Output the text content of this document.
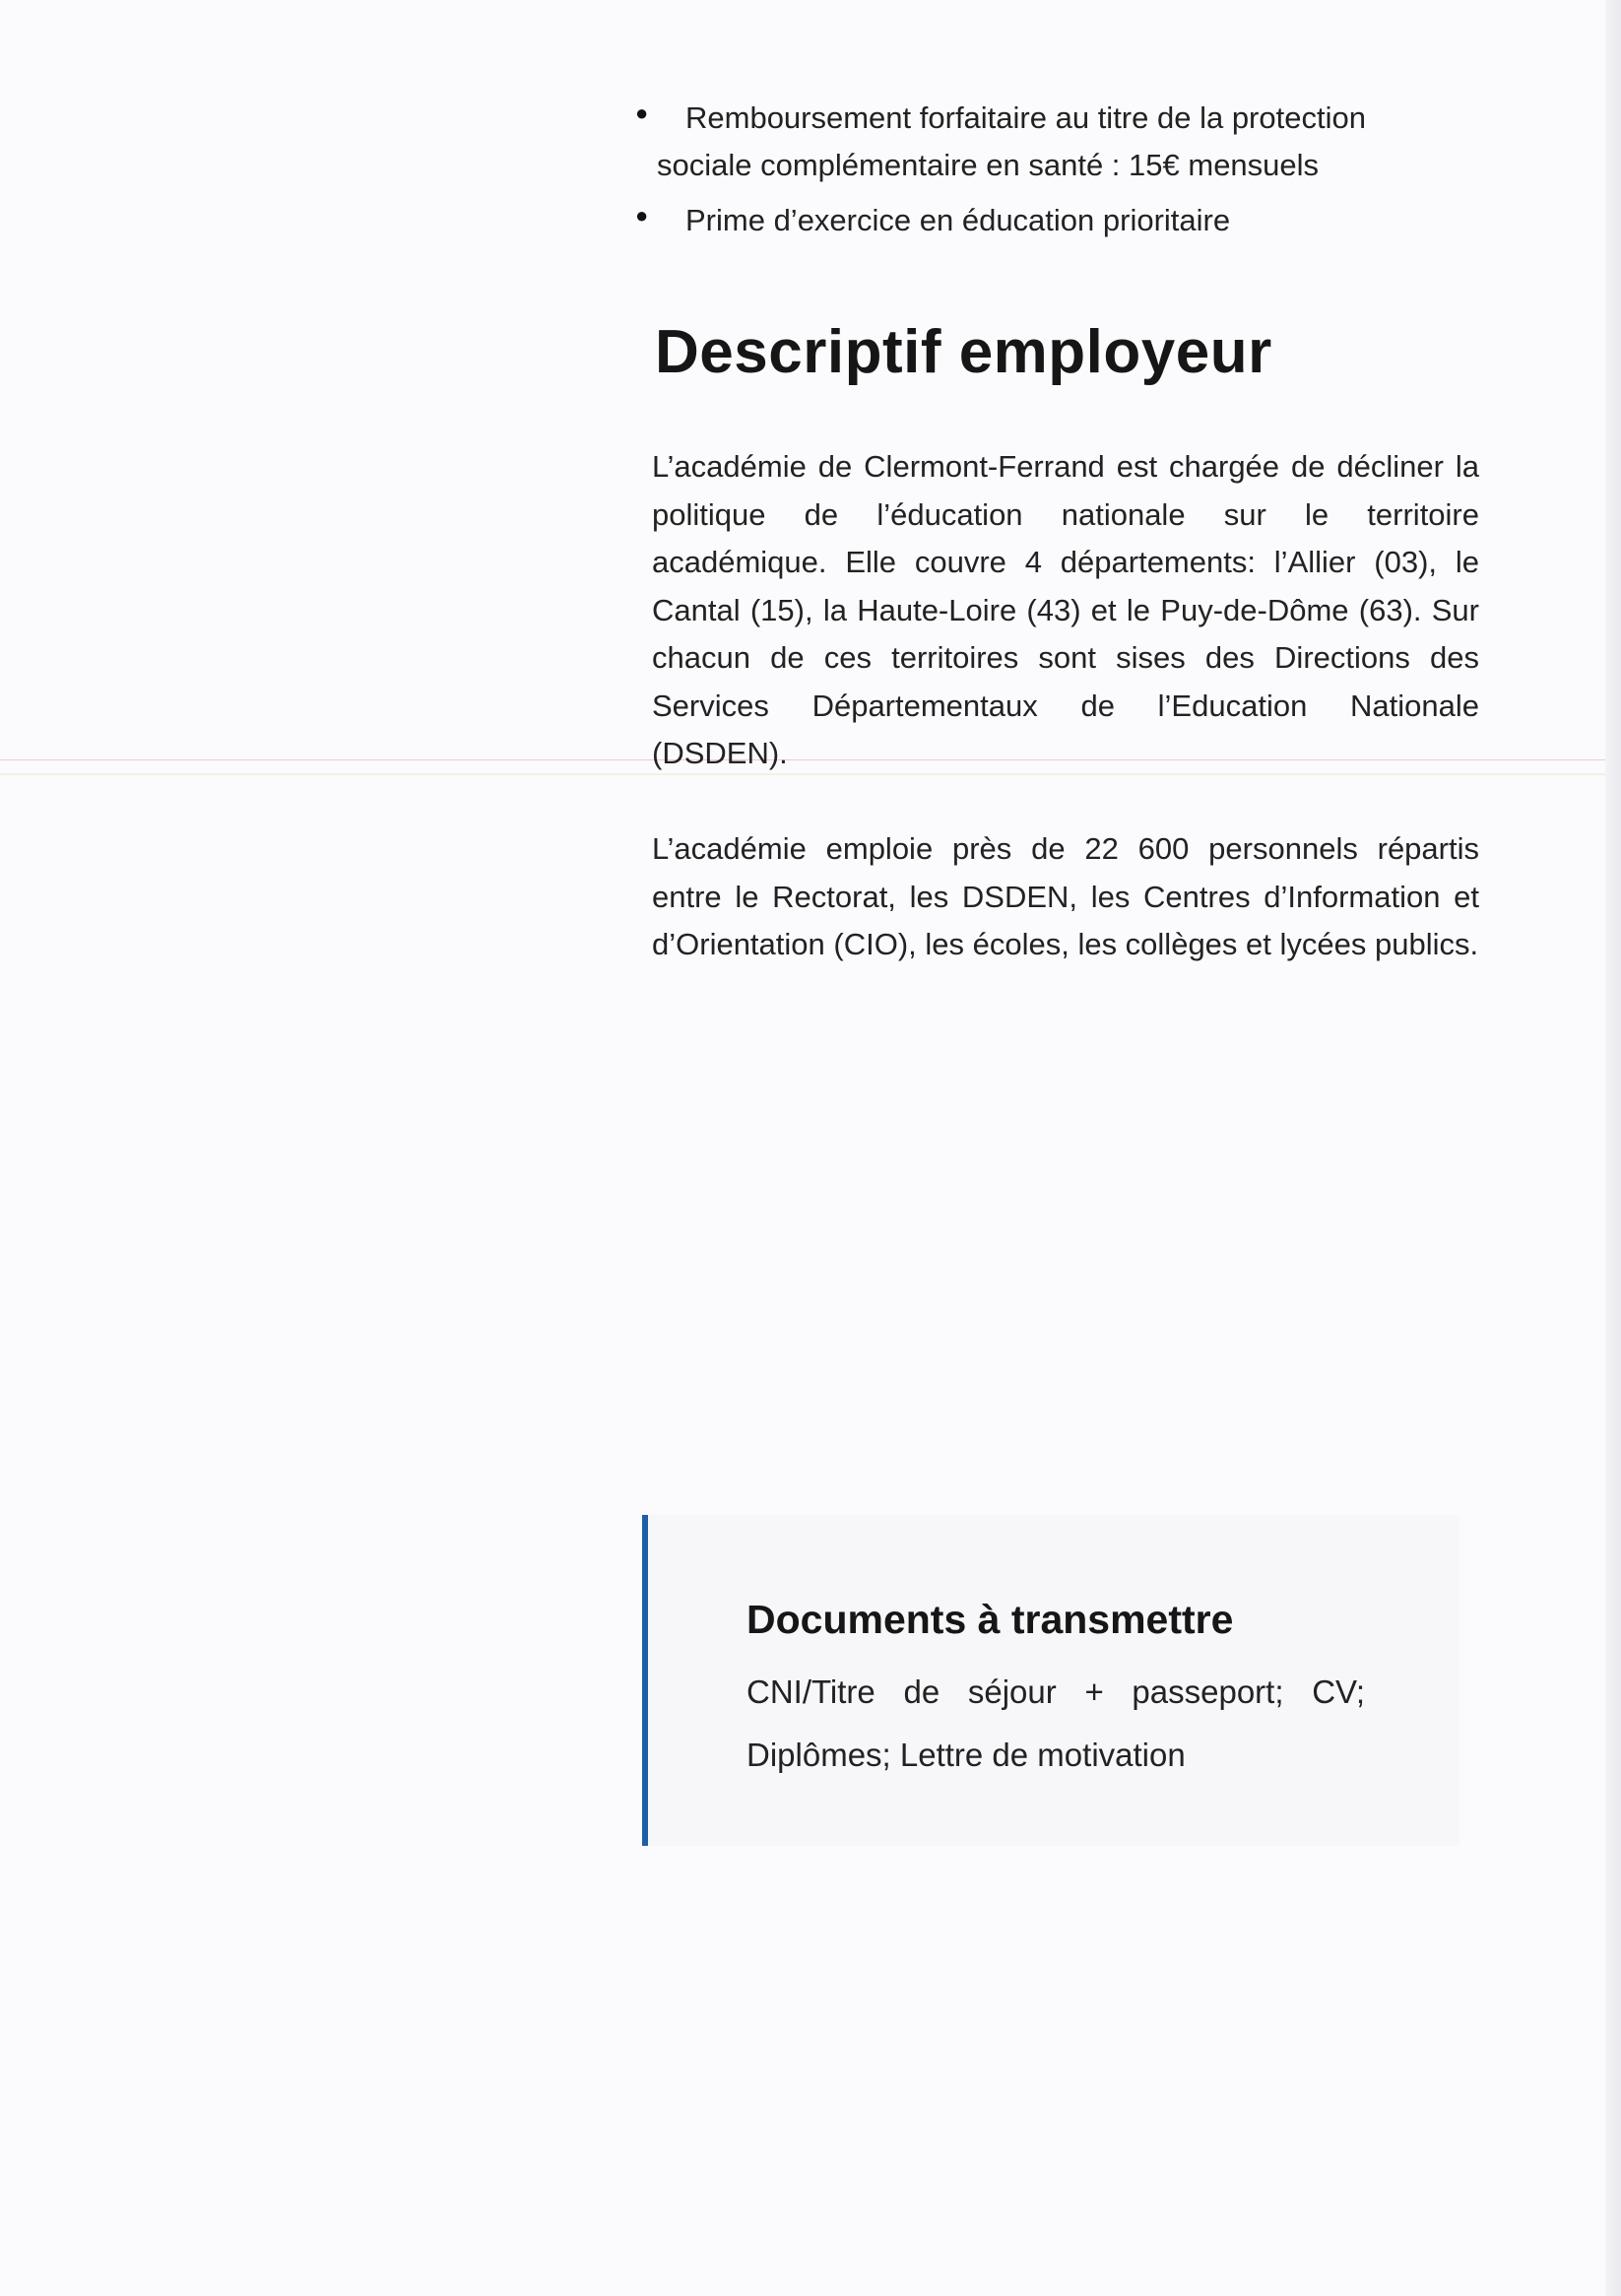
●	Remboursement forfaitaire au titre de la protection sociale complémentaire en santé : 15€ mensuels
●	Prime d’exercice en éducation prioritaire
Descriptif employeur

L’académie de Clermont-Ferrand est chargée de décliner la politique de l’éducation nationale sur le territoire académique. Elle couvre 4 départements: l’Allier (03), le Cantal (15), la Haute-Loire (43) et le Puy-de-Dôme (63). Sur chacun de ces territoires sont sises des Directions des Services Départementaux de l’Education Nationale (DSDEN).

L’académie emploie près de 22 600 personnels répartis entre le Rectorat, les DSDEN, les Centres d’Information et d’Orientation (CIO), les écoles, les collèges et lycées publics.

Documents à transmettre

CNI/Titre de séjour + passeport; CV; Diplômes; Lettre de motivation
